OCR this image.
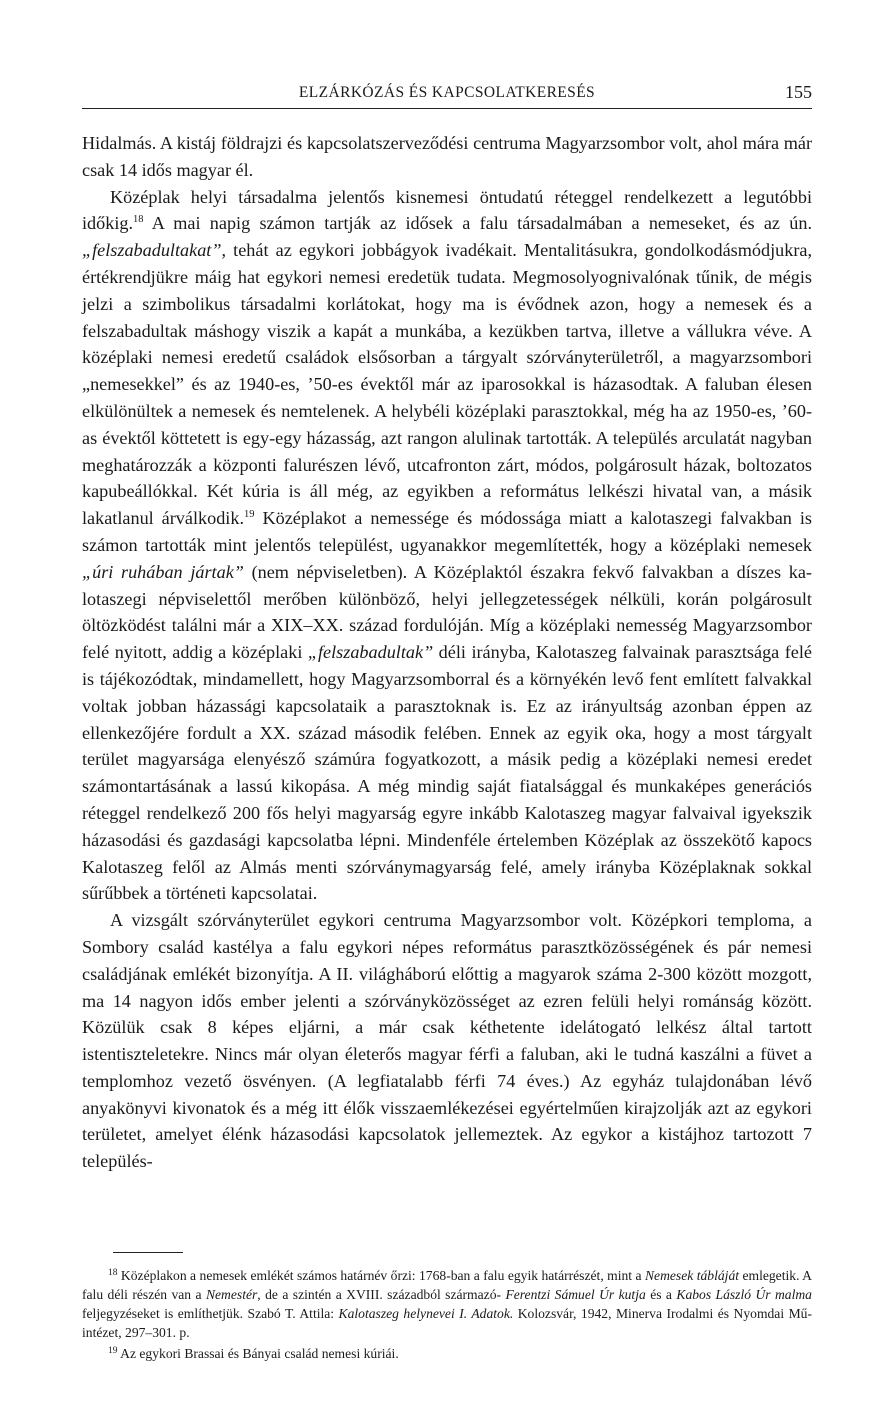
ELZÁRKÓZÁS ÉS KAPCSOLATKERESÉS	155

Hidalmás. A kistáj földrajzi és kapcsolatszerveződési centruma Magyarzsombor volt, ahol mára már csak 14 idős magyar él.

Középlak helyi társadalma jelentős kisnemesi öntudatú réteggel rendelkezett a legutóbbi időkig.$^{18}$ A mai napig számon tartják az idősek a falu társadalmában a nemeseket, és az ún. „felszabadultakat”, tehát az egykori jobbágyok ivadékait. Mentalitásukra, gondolkodásmódjukra, értékrendjükre máig hat egykori nemesi eredetük tudata. Megmosolyognivalónak tűnik, de mégis jelzi a szimbolikus társadalmi korlátokat, hogy ma is évődnek azon, hogy a nemesek és a felszabadultak máshogy viszik a kapát a munkába, a kezükben tartva, illetve a vállukra véve. A középlaki nemesi eredetű családok elsősorban a tárgyalt szórványterületről, a magyarzsombori „nemesekkel” és az 1940-es, ’50-es évektől már az iparosokkal is házasodtak. A faluban élesen elkülönültek a nemesek és nemtelenek. A helybéli középlaki parasztokkal, még ha az 1950-es, ’60-as évektől köttetett is egy-egy házasság, azt rangon alulinak tartották. A település arculatát nagyban meghatározzák a központi falurészen lévő, utcafronton zárt, módos, polgárosult házak, boltozatos kapubeállókkal. Két kúria is áll még, az egyikben a református lelkészi hivatal van, a másik lakatlanul árválkodik.$^{19}$ Középlakot a nemessége és módossága miatt a kalotaszegi falvakban is számon tartották mint jelentős települést, ugyanakkor megemlítették, hogy a középlaki nemesek „úri ruhában jártak” (nem népviseletben). A Középlaktól északra fekvő falvakban a díszes kalotaszegi népviselettől merőben különböző, helyi jellegzetességek nélküli, korán polgárosult öltözködést találni már a XIX–XX. század fordulóján. Míg a középlaki nemesség Magyarzsombor felé nyitott, addig a középlaki „felszabadultak” déli irányba, Kalotaszeg falvainak parasztsága felé is tájékozódtak, mindamellett, hogy Magyarzsomborral és a környékén levő fent említett falvakkal voltak jobban házassági kapcsolataik a parasztoknak is. Ez az irányultság azonban éppen az ellenkezőjére fordult a XX. század második felében. Ennek az egyik oka, hogy a most tárgyalt terület magyarsága elenyésző számúra fogyatkozott, a másik pedig a középlaki nemesi eredet számontartásának a lassú kikopása. A még mindig saját fiatalsággal és munkaképes generációs réteggel rendelkező 200 fős helyi magyarság egyre inkább Kalotaszeg magyar falvaival igyekszik házasodási és gazdasági kapcsolatba lépni. Mindenféle értelemben Középlak az összekötő kapocs Kalotaszeg felől az Almás menti szórványmagyarság felé, amely irányba Középlaknak sokkal sűrűbbek a történeti kapcsolatai.

A vizsgált szórványterület egykori centruma Magyarzsombor volt. Középkori temploma, a Sombory család kastélya a falu egykori népes református parasztközösségének és pár nemesi családjának emlékét bizonyítja. A II. világháború előttig a magyarok száma 2-300 között mozgott, ma 14 nagyon idős ember jelenti a szórványközösséget az ezren felüli helyi románság között. Közülük csak 8 képes eljárni, a már csak kéthetente idelátogató lelkész által tartott istentiszteletekre. Nincs már olyan életerős magyar férfi a faluban, aki le tudná kaszálni a füvet a templomhoz vezető ösvényen. (A legfiatalabb férfi 74 éves.) Az egyház tulajdonában lévő anyakönyvi kivonatok és a még itt élők visszaemlékezései egyértelműen kirajzolják azt az egykori területet, amelyet élénk házasodási kapcsolatok jellemeztek. Az egykor a kistájhoz tartozott 7 település-

$^{18}$ Középlakon a nemesek emlékét számos határnév őrzi: 1768-ban a falu egyik határrészét, mint a Nemesek tábláját emlegetik. A falu déli részén van a Nemestér, de a szintén a XVIII. századból származó- Ferentzi Sámuel Úr kutja és a Kabos László Úr malma feljegyzéseket is említhetjük. Szabó T. Attila: Kalotaszeg helynevei I. Adatok. Kolozsvár, 1942, Minerva Irodalmi és Nyomdai Műintézet, 297–301. p.

$^{19}$ Az egykori Brassai és Bányai család nemesi kúriái.
